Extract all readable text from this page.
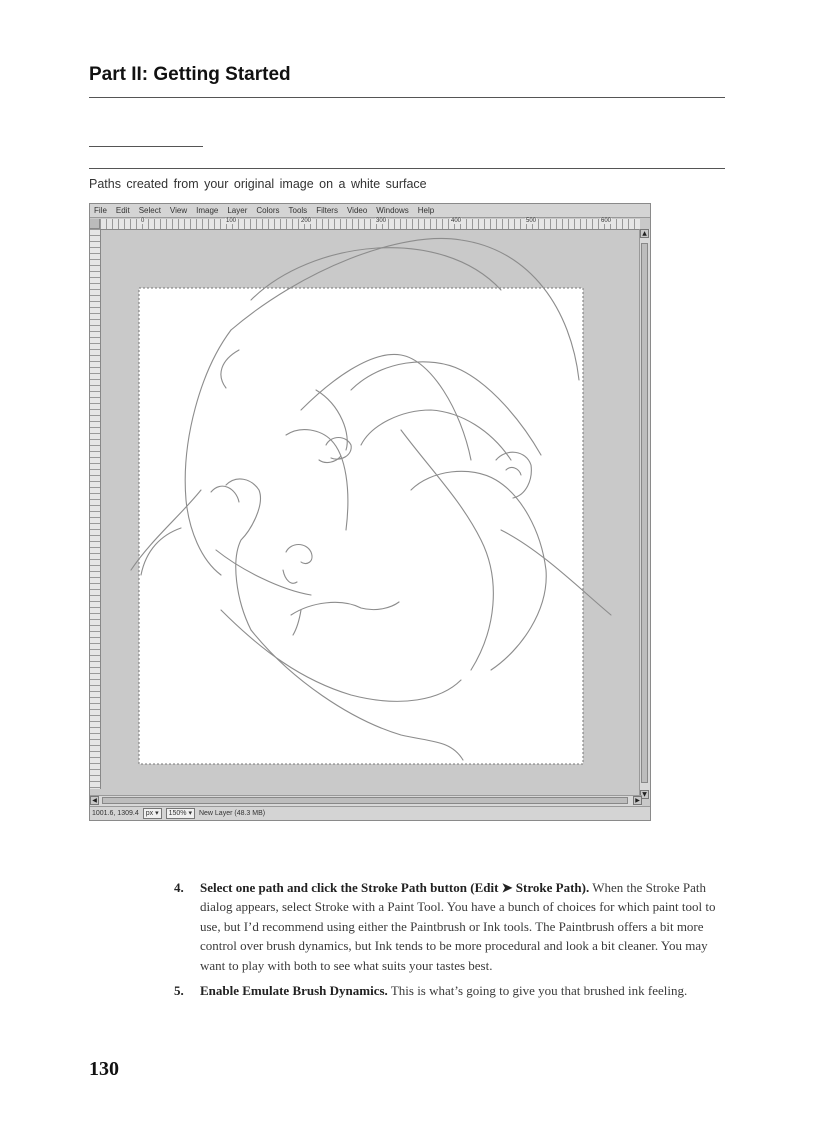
Part II: Getting Started
Paths created from your original image on a white surface
File Edit Select View Image Layer Colors Tools Filters Video Windows Help
0	100	200	300	400	500	600
▲
▼
◀	▶
1001.6, 1309.4	px ▾	150% ▾	New Layer (48.3 MB)
4. Select one path and click the Stroke Path button (Edit ➤ Stroke Path). When the Stroke Path dialog appears, select Stroke with a Paint Tool. You have a bunch of choices for which paint tool to use, but I’d recommend using either the Paintbrush or Ink tools. The Paintbrush offers a bit more control over brush dynamics, but Ink tends to be more procedural and look a bit cleaner. You may want to play with both to see what suits your tastes best.
5. Enable Emulate Brush Dynamics. This is what’s going to give you that brushed ink feeling.
130
